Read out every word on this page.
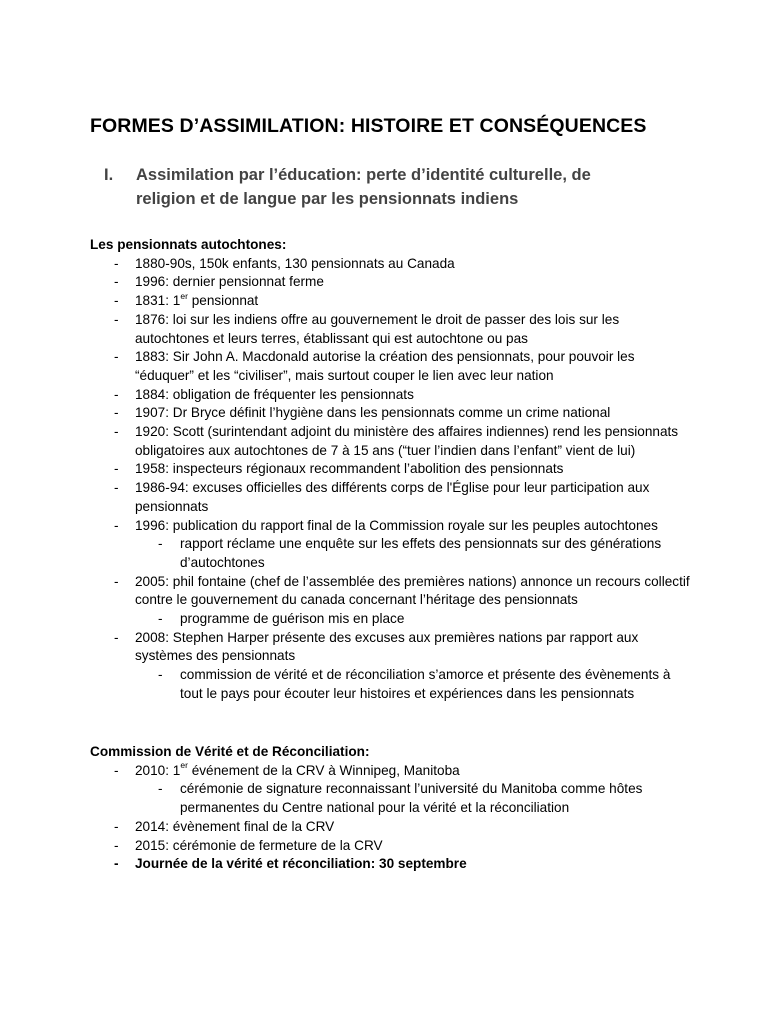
FORMES D’ASSIMILATION: HISTOIRE ET CONSÉQUENCES
I. Assimilation par l’éducation: perte d’identité culturelle, de religion et de langue par les pensionnats indiens

Les pensionnats autochtones:

- 1880-90s, 150k enfants, 130 pensionnats au Canada
- 1996: dernier pensionnat ferme
- 1831: 1er pensionnat
- 1876: loi sur les indiens offre au gouvernement le droit de passer des lois sur les autochtones et leurs terres, établissant qui est autochtone ou pas
- 1883: Sir John A. Macdonald autorise la création des pensionnats, pour pouvoir les “éduquer” et les “civiliser”, mais surtout couper le lien avec leur nation
- 1884: obligation de fréquenter les pensionnats
- 1907: Dr Bryce définit l’hygiène dans les pensionnats comme un crime national
- 1920: Scott (surintendant adjoint du ministère des affaires indiennes) rend les pensionnats obligatoires aux autochtones de 7 à 15 ans (“tuer l’indien dans l’enfant” vient de lui)
- 1958: inspecteurs régionaux recommandent l’abolition des pensionnats
- 1986-94: excuses officielles des différents corps de l'Église pour leur participation aux pensionnats
- 1996: publication du rapport final de la Commission royale sur les peuples autochtones
- rapport réclame une enquête sur les effets des pensionnats sur des générations d’autochtones
- 2005: phil fontaine (chef de l’assemblée des premières nations) annonce un recours collectif contre le gouvernement du canada concernant l’héritage des pensionnats
- programme de guérison mis en place
- 2008: Stephen Harper présente des excuses aux premières nations par rapport aux systèmes des pensionnats
- commission de vérité et de réconciliation s’amorce et présente des évènements à tout le pays pour écouter leur histoires et expériences dans les pensionnats

Commission de Vérité et de Réconciliation:

- 2010: 1er événement de la CRV à Winnipeg, Manitoba
- cérémonie de signature reconnaissant l’université du Manitoba comme hôtes permanentes du Centre national pour la vérité et la réconciliation
- 2014: évènement final de la CRV
- 2015: cérémonie de fermeture de la CRV
- Journée de la vérité et réconciliation: 30 septembre
